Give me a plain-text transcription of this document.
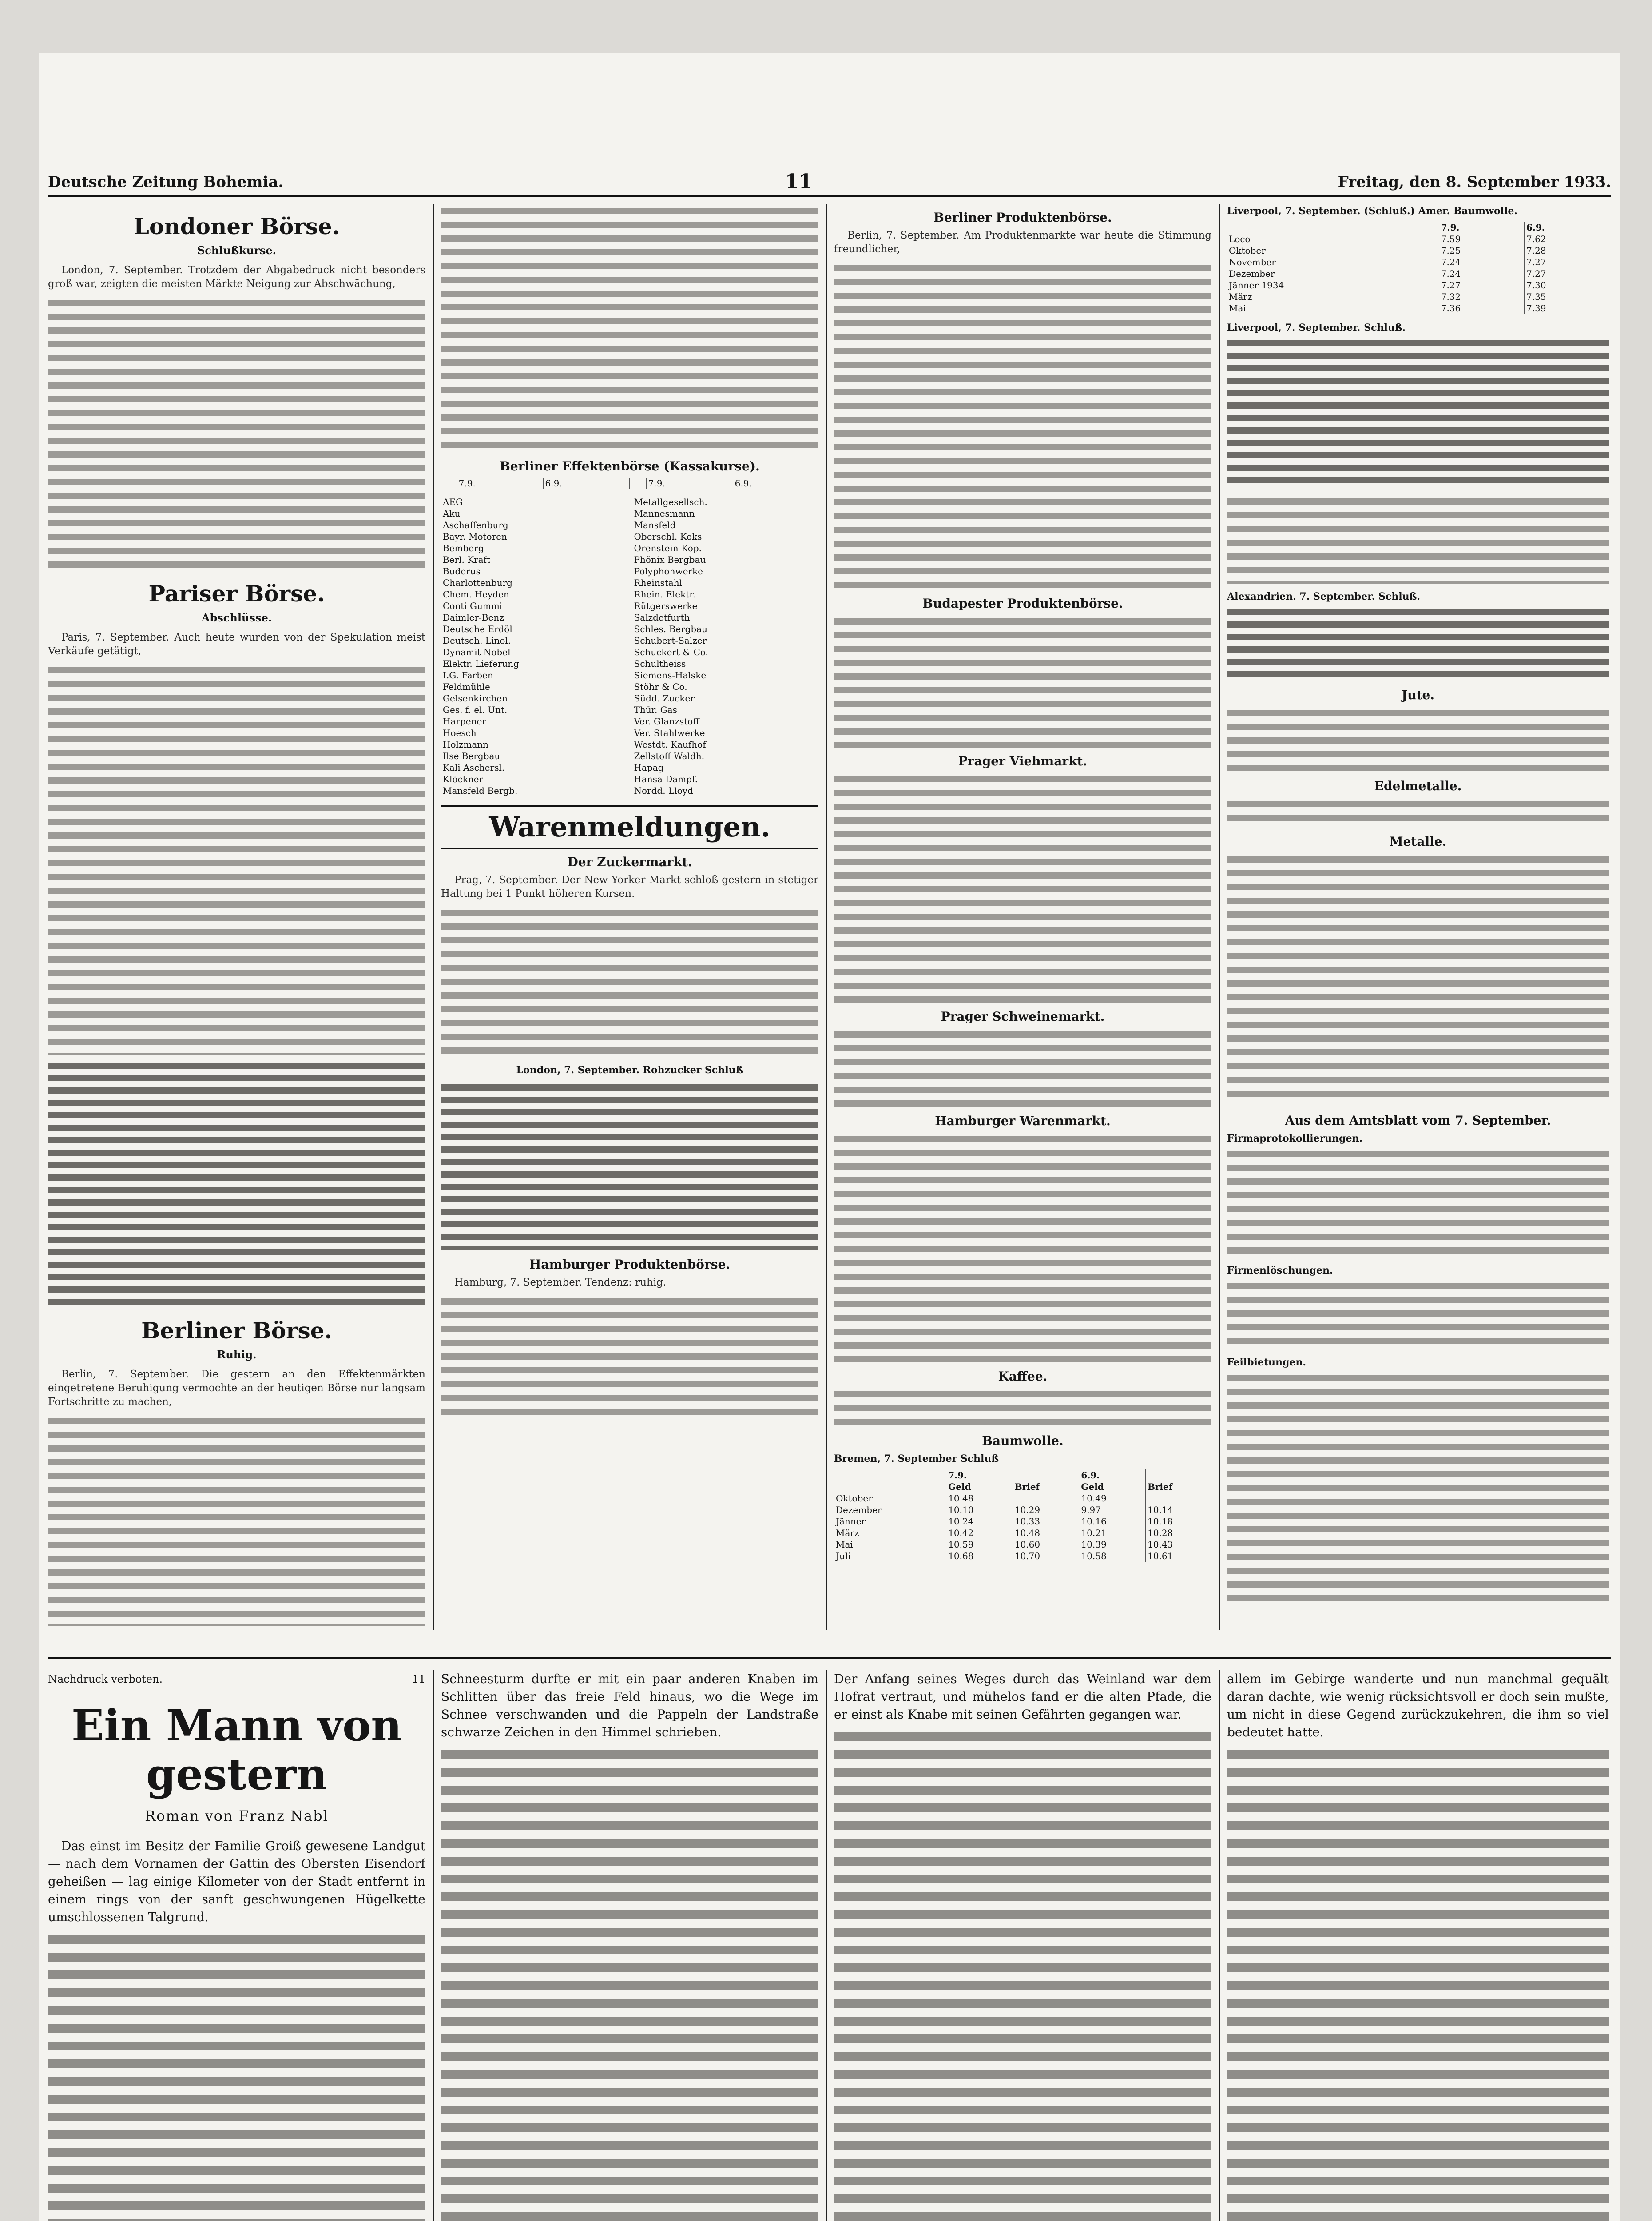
Deutsche Zeitung Bohemia.	11	Freitag, den 8. September 1933.
Londoner Börse.
Schlußkurse.

London, 7. September. Trotzdem der Abgabedruck nicht besonders groß war, zeigten die meisten Märkte Neigung zur Abschwächung,

Pariser Börse.
Abschlüsse.

Paris, 7. September. Auch heute wurden von der Spekulation meist Verkäufe getätigt,

Berliner Börse.
Ruhig.

Berlin, 7. September. Die gestern an den Effektenmärkten eingetretene Beruhigung vermochte an der heutigen Börse nur langsam Fortschritte zu machen,

Berliner Effektenbörse (Kassakurse).
	7.9.	6.9.		7.9.	6.9.
AEG			Metallgesellsch.		
Aku			Mannesmann		
Aschaffenburg			Mansfeld		
Bayr. Motoren			Oberschl. Koks		
Bemberg			Orenstein-Kop.		
Berl. Kraft			Phönix Bergbau		
Buderus			Polyphonwerke		
Charlottenburg			Rheinstahl		
Chem. Heyden			Rhein. Elektr.		
Conti Gummi			Rütgerswerke		
Daimler-Benz			Salzdetfurth		
Deutsche Erdöl			Schles. Bergbau		
Deutsch. Linol.			Schubert-Salzer		
Dynamit Nobel			Schuckert & Co.		
Elektr. Lieferung			Schultheiss		
I.G. Farben			Siemens-Halske		
Feldmühle			Stöhr & Co.		
Gelsenkirchen			Südd. Zucker		
Ges. f. el. Unt.			Thür. Gas		
Harpener			Ver. Glanzstoff		
Hoesch			Ver. Stahlwerke		
Holzmann			Westdt. Kaufhof		
Ilse Bergbau			Zellstoff Waldh.		
Kali Aschersl.			Hapag		
Klöckner			Hansa Dampf.		
Mansfeld Bergb.			Nordd. Lloyd		
Warenmeldungen.
Der Zuckermarkt.

Prag, 7. September. Der New Yorker Markt schloß gestern in stetiger Haltung bei 1 Punkt höheren Kursen.

London, 7. September. Rohzucker Schluß

Hamburger Produktenbörse.

Hamburg, 7. September. Tendenz: ruhig.

Berliner Produktenbörse.

Berlin, 7. September. Am Produktenmarkte war heute die Stimmung freundlicher,

Budapester Produktenbörse.

Prager Viehmarkt.

Prager Schweinemarkt.

Hamburger Warenmarkt.

Kaffee.

Baumwolle.
Bremen, 7. September Schluß
	7.9.		6.9.	
	Geld	Brief	Geld	Brief
Oktober	10.48		10.49	
Dezember	10.10	10.29	9.97	10.14
Jänner	10.24	10.33	10.16	10.18
März	10.42	10.48	10.21	10.28
Mai	10.59	10.60	10.39	10.43
Juli	10.68	10.70	10.58	10.61
Liverpool, 7. September. (Schluß.) Amer. Baumwolle.
	7.9.	6.9.
Loco	7.59	7.62
Oktober	7.25	7.28
November	7.24	7.27
Dezember	7.24	7.27
Jänner 1934	7.27	7.30
März	7.32	7.35
Mai	7.36	7.39
Liverpool, 7. September. Schluß.

Alexandrien. 7. September. Schluß.

Jute.

Edelmetalle.

Metalle.

Aus dem Amtsblatt vom 7. September.
Firmaprotokollierungen.

Firmenlöschungen.

Feilbietungen.

Nachdruck verboten.	11
Ein Mann von gestern
Roman von Franz Nabl

Das einst im Besitz der Familie Groiß gewesene Landgut — nach dem Vornamen der Gattin des Obersten Eisendorf geheißen — lag einige Kilometer von der Stadt entfernt in einem rings von der sanft geschwungenen Hügelkette umschlossenen Talgrund.

Schneesturm durfte er mit ein paar anderen Knaben im Schlitten über das freie Feld hinaus, wo die Wege im Schnee verschwanden und die Pappeln der Landstraße schwarze Zeichen in den Himmel schrieben.

Der Anfang seines Weges durch das Weinland war dem Hofrat vertraut, und mühelos fand er die alten Pfade, die er einst als Knabe mit seinen Gefährten gegangen war.

allem im Gebirge wanderte und nun manchmal gequält daran dachte, wie wenig rücksichtsvoll er doch sein mußte, um nicht in diese Gegend zurückzukehren, die ihm so viel bedeutet hatte.
